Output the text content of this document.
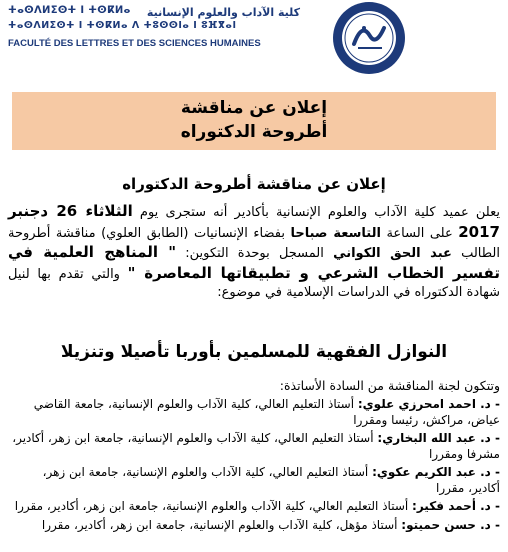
كلية الآداب والعلوم الإنسانية
ⵜⴰⵙⴷⵍⵉⵙⵜ ⵏ ⵜⵙⴽⵍⴰ
ⵜⴰⵙⴷⵍⵉⵙⵜ ⵏ ⵜⵙⴽⵍⴰ ⴷ ⵜⵓⵙⵙⵏⴰ ⵏ ⵓⴼⴳⴰⵏ
FACULTÉ DES LETTRES ET DES SCIENCES HUMAINES
إعلان عن مناقشة
أطروحة الدكتوراه
إعلان عن مناقشة أطروحة الدكتوراه
يعلن عميد كلية الآداب والعلوم الإنسانية بأكادير أنه ستجرى يوم الثلاثاء 26 دجنبر 2017 على الساعة التاسعة صباحا بفضاء الإنسانيات (الطابق العلوي) مناقشة أطروحة الطالب عبد الحق الكواني المسجل بوحدة التكوين: " المناهج العلمية في تفسير الخطاب الشرعي و تطبيقاتها المعاصرة " والتي تقدم بها لنيل شهادة الدكتوراه في الدراسات الإسلامية في موضوع:
النوازل الفقهية للمسلمين بأوربا تأصيلا وتنزيلا
وتتكون لجنة المناقشة من السادة الأساتذة:
- د. احمد امحرزي علوي: أستاذ التعليم العالي، كلية الآداب والعلوم الإنسانية، جامعة القاضي عياض، مراكش، رئيسا ومقررا
- د. عبد الله البخاري: أستاذ التعليم العالي، كلية الآداب والعلوم الإنسانية، جامعة ابن زهر، أكادير، مشرفا ومقررا
- د. عبد الكريم عكوي: أستاذ التعليم العالي، كلية الآداب والعلوم الإنسانية، جامعة ابن زهر، أكادير، مقررا
- د. أحمد فكير: أستاذ التعليم العالي، كلية الآداب والعلوم الإنسانية، جامعة ابن زهر، أكادير، مقررا
- د. حسن حميتو: أستاذ مؤهل، كلية الآداب والعلوم الإنسانية، جامعة ابن زهر، أكادير، مقررا
